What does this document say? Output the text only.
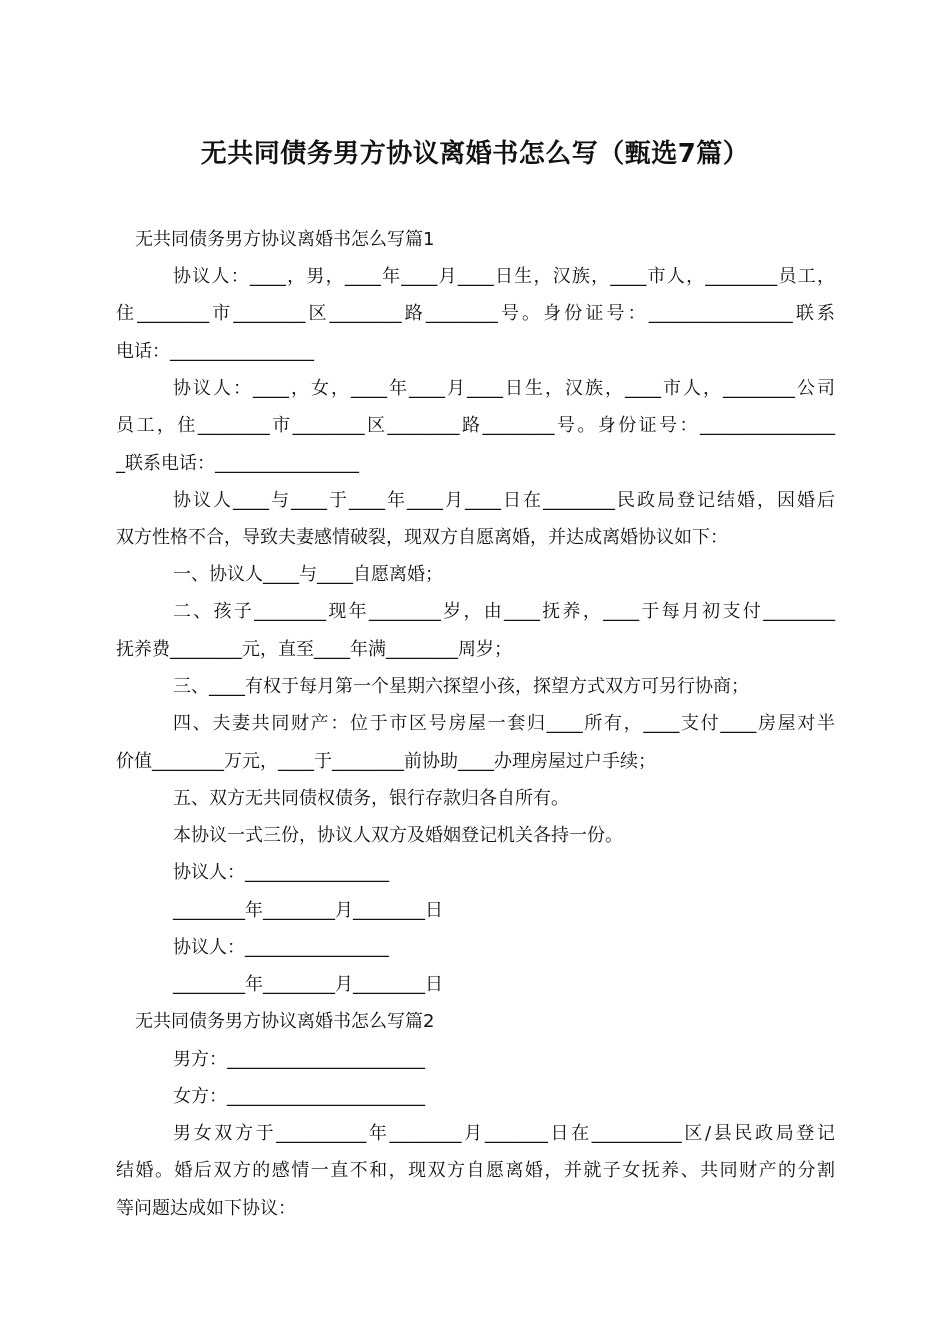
无共同债务男方协议离婚书怎么写（甄选7篇）
无共同债务男方协议离婚书怎么写篇1
协议人：____，男，____年____月____日生，汉族，____市人，________员工，
住________市________区________路________号。身份证号：________________联系
电话：________________
协议人：____，女，____年____月____日生，汉族，____市人，________公司
员工，住________市________区________路________号。身份证号：_______________
_联系电话：________________
协议人____与____于____年____月____日在________民政局登记结婚，因婚后
双方性格不合，导致夫妻感情破裂，现双方自愿离婚，并达成离婚协议如下：
一、协议人____与____自愿离婚；
二、孩子________现年________岁，由____抚养，____于每月初支付________
抚养费________元，直至____年满________周岁；
三、____有权于每月第一个星期六探望小孩，探望方式双方可另行协商；
四、夫妻共同财产：位于市区号房屋一套归____所有，____支付____房屋对半
价值________万元，____于________前协助____办理房屋过户手续；
五、双方无共同债权债务，银行存款归各自所有。
本协议一式三份，协议人双方及婚姻登记机关各持一份。
协议人：________________
________年________月________日
协议人：________________
________年________月________日
无共同债务男方协议离婚书怎么写篇2
男方：______________________
女方：______________________
男女双方于__________年________月_______日在__________区/县民政局登记
结婚。婚后双方的感情一直不和，现双方自愿离婚，并就子女抚养、共同财产的分割
等问题达成如下协议：
